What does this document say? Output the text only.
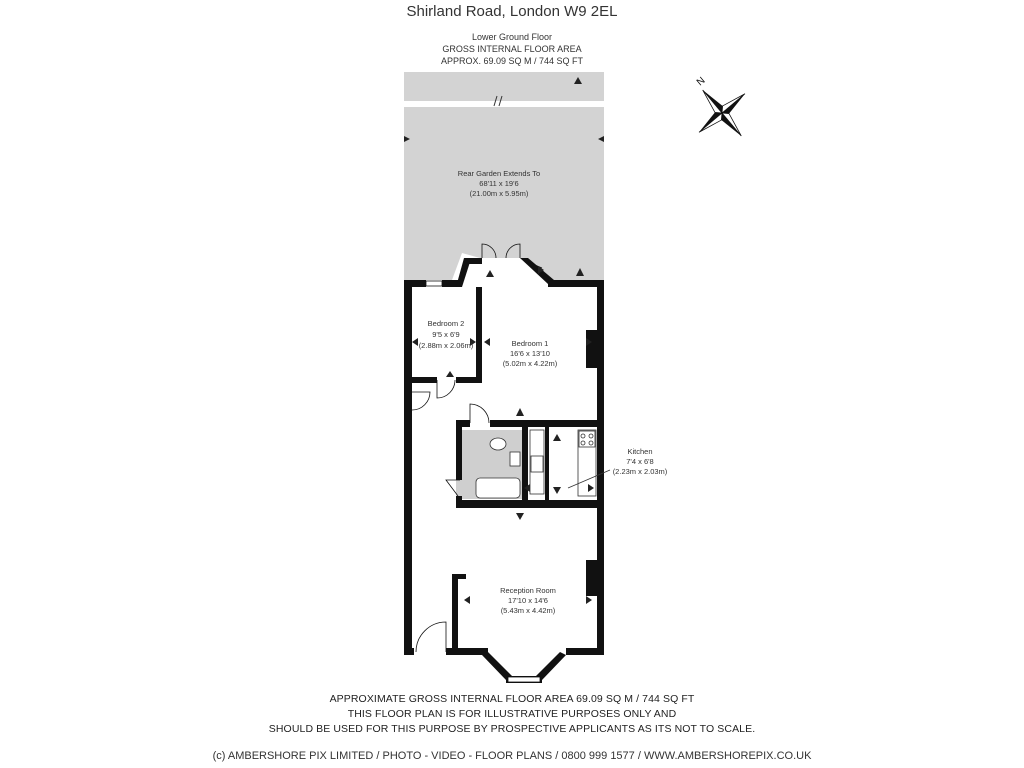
Shirland Road, London W9 2EL
Lower Ground Floor
GROSS INTERNAL FLOOR AREA
APPROX. 69.09 SQ M / 744 SQ FT
Rear Garden Extends To
68'11 x 19'6
(21.00m x 5.95m)
Bedroom 2
9'5 x 6'9
(2.88m x 2.06m)	Bedroom 1
16'6 x 13'10
(5.02m x 4.22m)
Kitchen
7'4 x 6'8
(2.23m x 2.03m)
Reception Room
17'10 x 14'6
(5.43m x 4.42m)
N
APPROXIMATE GROSS INTERNAL FLOOR AREA 69.09 SQ M / 744 SQ FT
THIS FLOOR PLAN IS FOR ILLUSTRATIVE PURPOSES ONLY AND
SHOULD BE USED FOR THIS PURPOSE BY PROSPECTIVE APPLICANTS AS ITS NOT TO SCALE.
(c) AMBERSHORE PIX LIMITED / PHOTO - VIDEO - FLOOR PLANS / 0800 999 1577 / WWW.AMBERSHOREPIX.CO.UK
